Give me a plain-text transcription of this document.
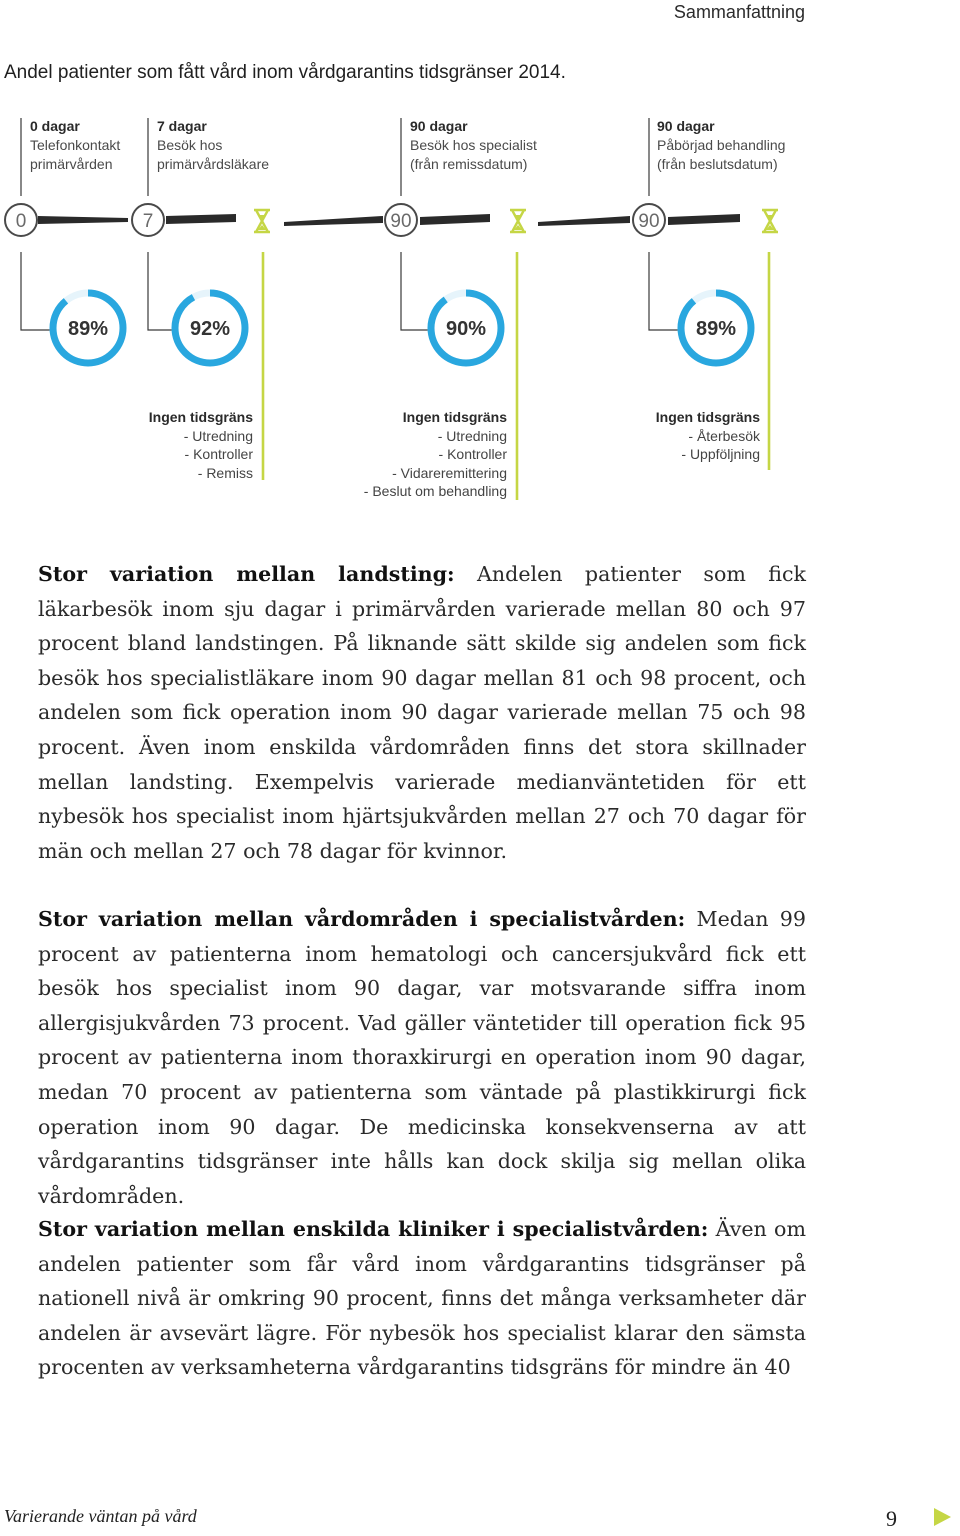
Sammanfattning
Andel patienter som fått vård inom vårdgarantins tidsgränser 2014.
0 dagar
Telefonkontakt
primärvården
7 dagar
Besök hos
primärvårdsläkare
90 dagar
Besök hos specialist
(från remissdatum)
90 dagar
Påbörjad behandling
(från beslutsdatum)
0	7	90	90
89%	92%	90%	89%
Ingen tidsgräns
- Utredning
- Kontroller
- Remiss
Ingen tidsgräns
- Utredning
- Kontroller
- Vidareremittering
- Beslut om behandling
Ingen tidsgräns
- Återbesök
- Uppföljning

Stor variation mellan landsting: Andelen patienter som fick läkarbesök inom sju dagar i primärvården varierade mellan 80 och 97 procent bland landstingen. På liknande sätt skilde sig andelen som fick besök hos specialistläkare inom 90 dagar mellan 81 och 98 procent, och andelen som fick operation inom 90 dagar varierade mellan 75 och 98 procent. Även inom enskilda vårdområden finns det stora skillnader mellan landsting. Exempelvis varierade medianväntetiden för ett nybesök hos specialist inom hjärtsjukvården mellan 27 och 70 dagar för män och mellan 27 och 78 dagar för kvinnor.

Stor variation mellan vårdområden i specialistvården: Medan 99 procent av patienterna inom hematologi och cancersjukvård fick ett besök hos specialist inom 90 dagar, var motsvarande siffra inom allergisjukvården 73 procent. Vad gäller väntetider till operation fick 95 procent av patienterna inom thoraxkirurgi en operation inom 90 dagar, medan 70 procent av patienterna som väntade på plastikkirurgi fick operation inom 90 dagar. De medicinska konsekvenserna av att vårdgarantins tidsgränser inte hålls kan dock skilja sig mellan olika vårdområden.

Stor variation mellan enskilda kliniker i specialistvården: Även om andelen patienter som får vård inom vårdgarantins tidsgränser på nationell nivå är omkring 90 procent, finns det många verksamheter där andelen är avsevärt lägre. För nybesök hos specialist klarar den sämsta procenten av verksamheterna vårdgarantins tidsgräns för mindre än 40

Varierande väntan på vård	9
